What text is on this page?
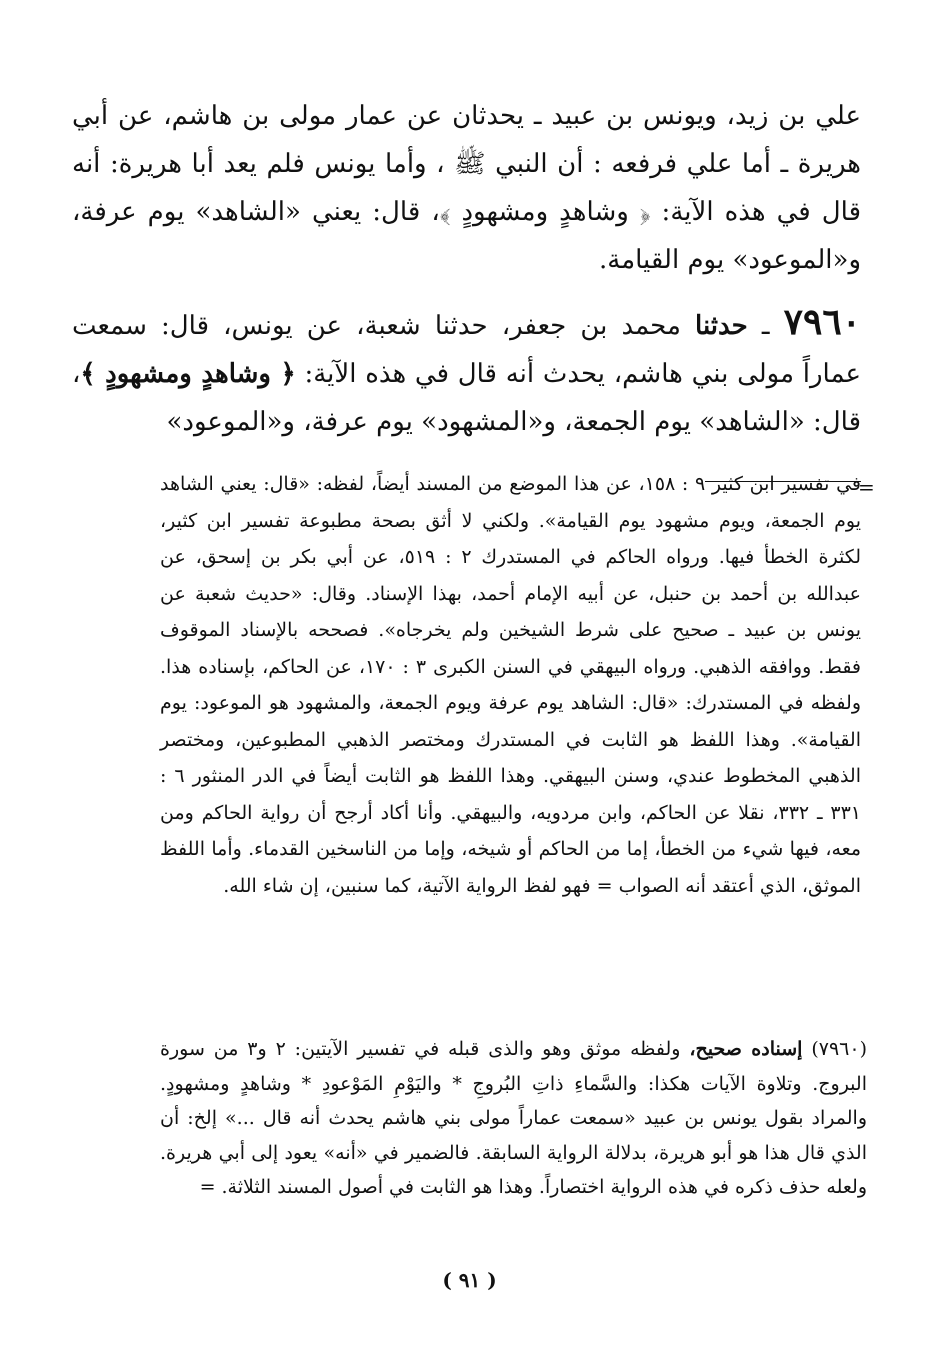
علي بن زيد، ويونس بن عبيد ـ يحدثان عن عمار مولى بن هاشم، عن أبي هريرة ـ أما علي فرفعه : أن النبي ﷺ ، وأما يونس فلم يعد أبا هريرة: أنه قال في هذه الآية: ﴿ وشاهدٍ ومشهودٍ ﴾، قال: يعني «الشاهد» يوم عرفة، و«الموعود» يوم القيامة.

٧٩٦٠ ـ حدثنا محمد بن جعفر، حدثنا شعبة، عن يونس، قال: سمعت عماراً مولى بني هاشم، يحدث أنه قال في هذه الآية: ﴿ وشاهدٍ ومشهودٍ ﴾، قال: «الشاهد» يوم الجمعة، و«المشهود» يوم عرفة، و«الموعود»

=

في تفسير ابن كثير ٩ : ١٥٨، عن هذا الموضع من المسند أيضاً، لفظه: «قال: يعني الشاهد يوم الجمعة، ويوم مشهود يوم القيامة». ولكني لا أثق بصحة مطبوعة تفسير ابن كثير، لكثرة الخطأ فيها. ورواه الحاكم في المستدرك ٢ : ٥١٩، عن أبي بكر بن إسحق، عن عبدالله بن أحمد بن حنبل، عن أبيه الإمام أحمد، بهذا الإسناد. وقال: «حديث شعبة عن يونس بن عبيد ـ صحيح على شرط الشيخين ولم يخرجاه». فصححه بالإسناد الموقوف فقط. ووافقه الذهبي. ورواه البيهقي في السنن الكبرى ٣ : ١٧٠، عن الحاكم، بإسناده هذا. ولفظه في المستدرك: «قال: الشاهد يوم عرفة ويوم الجمعة، والمشهود هو الموعود: يوم القيامة». وهذا اللفظ هو الثابت في المستدرك ومختصر الذهبي المطبوعين، ومختصر الذهبي المخطوط عندي، وسنن البيهقي. وهذا اللفظ هو الثابت أيضاً في الدر المنثور ٦ : ٣٣١ ـ ٣٣٢، نقلا عن الحاكم، وابن مردويه، والبيهقي. وأنا أكاد أرجح أن رواية الحاكم ومن معه، فيها شيء من الخطأ، إما من الحاكم أو شيخه، وإما من الناسخين القدماء. وأما اللفظ الموثق، الذي أعتقد أنه الصواب = فهو لفظ الرواية الآتية، كما سنبين، إن شاء الله.

(٧٩٦٠) إسناده صحيح، ولفظه موثق وهو والذى قبله في تفسير الآيتين: ٢ و٣ من سورة البروج. وتلاوة الآيات هكذا: والسَّماءِ ذاتِ البُروجِ * واليَوْمِ المَوْعودِ * وشاهدٍ ومشهودٍ. والمراد بقول يونس بن عبيد «سمعت عماراً مولى بني هاشم يحدث أنه قال ...» إلخ: أن الذي قال هذا هو أبو هريرة، بدلالة الرواية السابقة. فالضمير في «أنه» يعود إلى أبي هريرة. ولعله حذف ذكره في هذه الرواية اختصاراً. وهذا هو الثابت في أصول المسند الثلاثة. =

( ٩١ )
